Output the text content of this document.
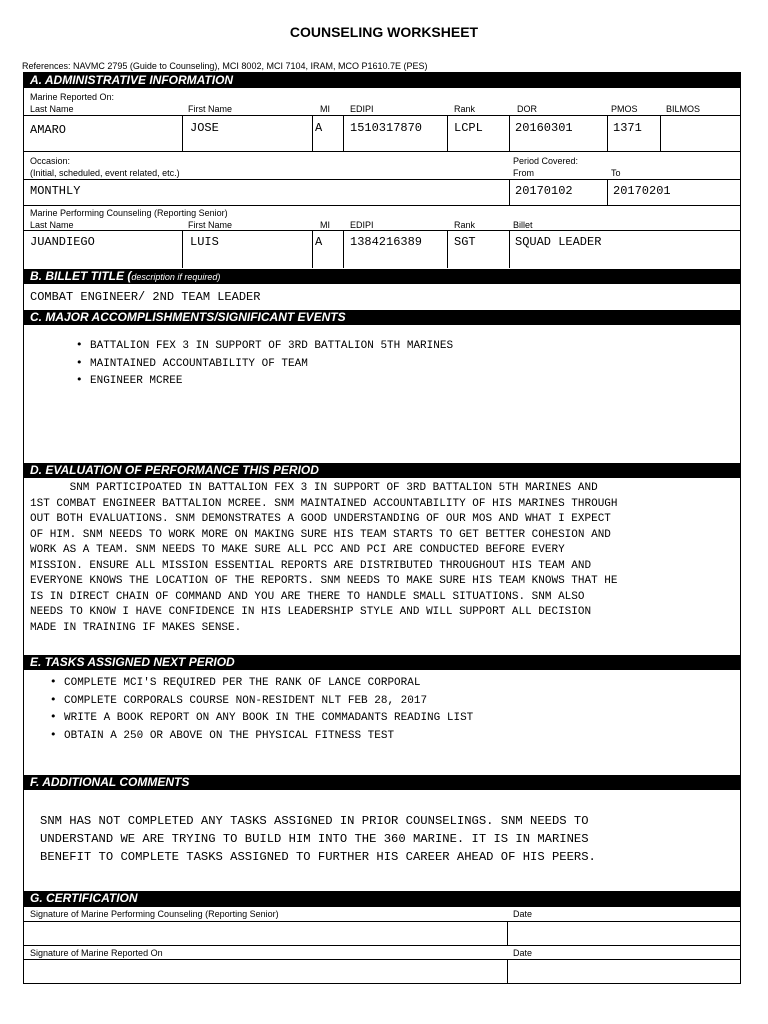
COUNSELING WORKSHEET
References: NAVMC 2795 (Guide to Counseling), MCI 8002, MCI 7104, IRAM, MCO P1610.7E (PES)
A. ADMINISTRATIVE INFORMATION
Marine Reported On:
Last Name	First Name	MI EDIPI	Rank	DOR	PMOS	BILMOS
AMARO	JOSE	A 1510317870	LCPL	20160301	1371
Occasion:
(Initial, scheduled, event related, etc.)
Period Covered:
From	To
MONTHLY	20170102	20170201
Marine Performing Counseling (Reporting Senior)
Last Name	First Name	MI EDIPI	Rank	Billet
JUANDIEGO	LUIS	A 1384216389	SGT	SQUAD LEADER
B. BILLET TITLE (description if required)
COMBAT ENGINEER/ 2ND TEAM LEADER
C. MAJOR ACCOMPLISHMENTS/SIGNIFICANT EVENTS
• BATTALION FEX 3 IN SUPPORT OF 3RD BATTALION 5TH MARINES
• MAINTAINED ACCOUNTABILITY OF TEAM
• ENGINEER MCREE
D. EVALUATION OF PERFORMANCE THIS PERIOD
SNM PARTICIPOATED IN BATTALION FEX 3 IN SUPPORT OF 3RD BATTALION 5TH MARINES AND
1ST COMBAT ENGINEER BATTALION MCREE. SNM MAINTAINED ACCOUNTABILITY OF HIS MARINES THROUGH
OUT BOTH EVALUATIONS. SNM DEMONSTRATES A GOOD UNDERSTANDING OF OUR MOS AND WHAT I EXPECT
OF HIM. SNM NEEDS TO WORK MORE ON MAKING SURE HIS TEAM STARTS TO GET BETTER COHESION AND
WORK AS A TEAM. SNM NEEDS TO MAKE SURE ALL PCC AND PCI ARE CONDUCTED BEFORE EVERY
MISSION. ENSURE ALL MISSION ESSENTIAL REPORTS ARE DISTRIBUTED THROUGHOUT HIS TEAM AND
EVERYONE KNOWS THE LOCATION OF THE REPORTS. SNM NEEDS TO MAKE SURE HIS TEAM KNOWS THAT HE
IS IN DIRECT CHAIN OF COMMAND AND YOU ARE THERE TO HANDLE SMALL SITUATIONS. SNM ALSO
NEEDS TO KNOW I HAVE CONFIDENCE IN HIS LEADERSHIP STYLE AND WILL SUPPORT ALL DECISION
MADE IN TRAINING IF MAKES SENSE.
E. TASKS ASSIGNED NEXT PERIOD
• COMPLETE MCI'S REQUIRED PER THE RANK OF LANCE CORPORAL
• COMPLETE CORPORALS COURSE NON-RESIDENT NLT FEB 28, 2017
• WRITE A BOOK REPORT ON ANY BOOK IN THE COMMADANTS READING LIST
• OBTAIN A 250 OR ABOVE ON THE PHYSICAL FITNESS TEST
F. ADDITIONAL COMMENTS
SNM HAS NOT COMPLETED ANY TASKS ASSIGNED IN PRIOR COUNSELINGS. SNM NEEDS TO
UNDERSTAND WE ARE TRYING TO BUILD HIM INTO THE 360 MARINE. IT IS IN MARINES
BENEFIT TO COMPLETE TASKS ASSIGNED TO FURTHER HIS CAREER AHEAD OF HIS PEERS.
G. CERTIFICATION
Signature of Marine Performing Counseling (Reporting Senior)	Date
Signature of Marine Reported On	Date
